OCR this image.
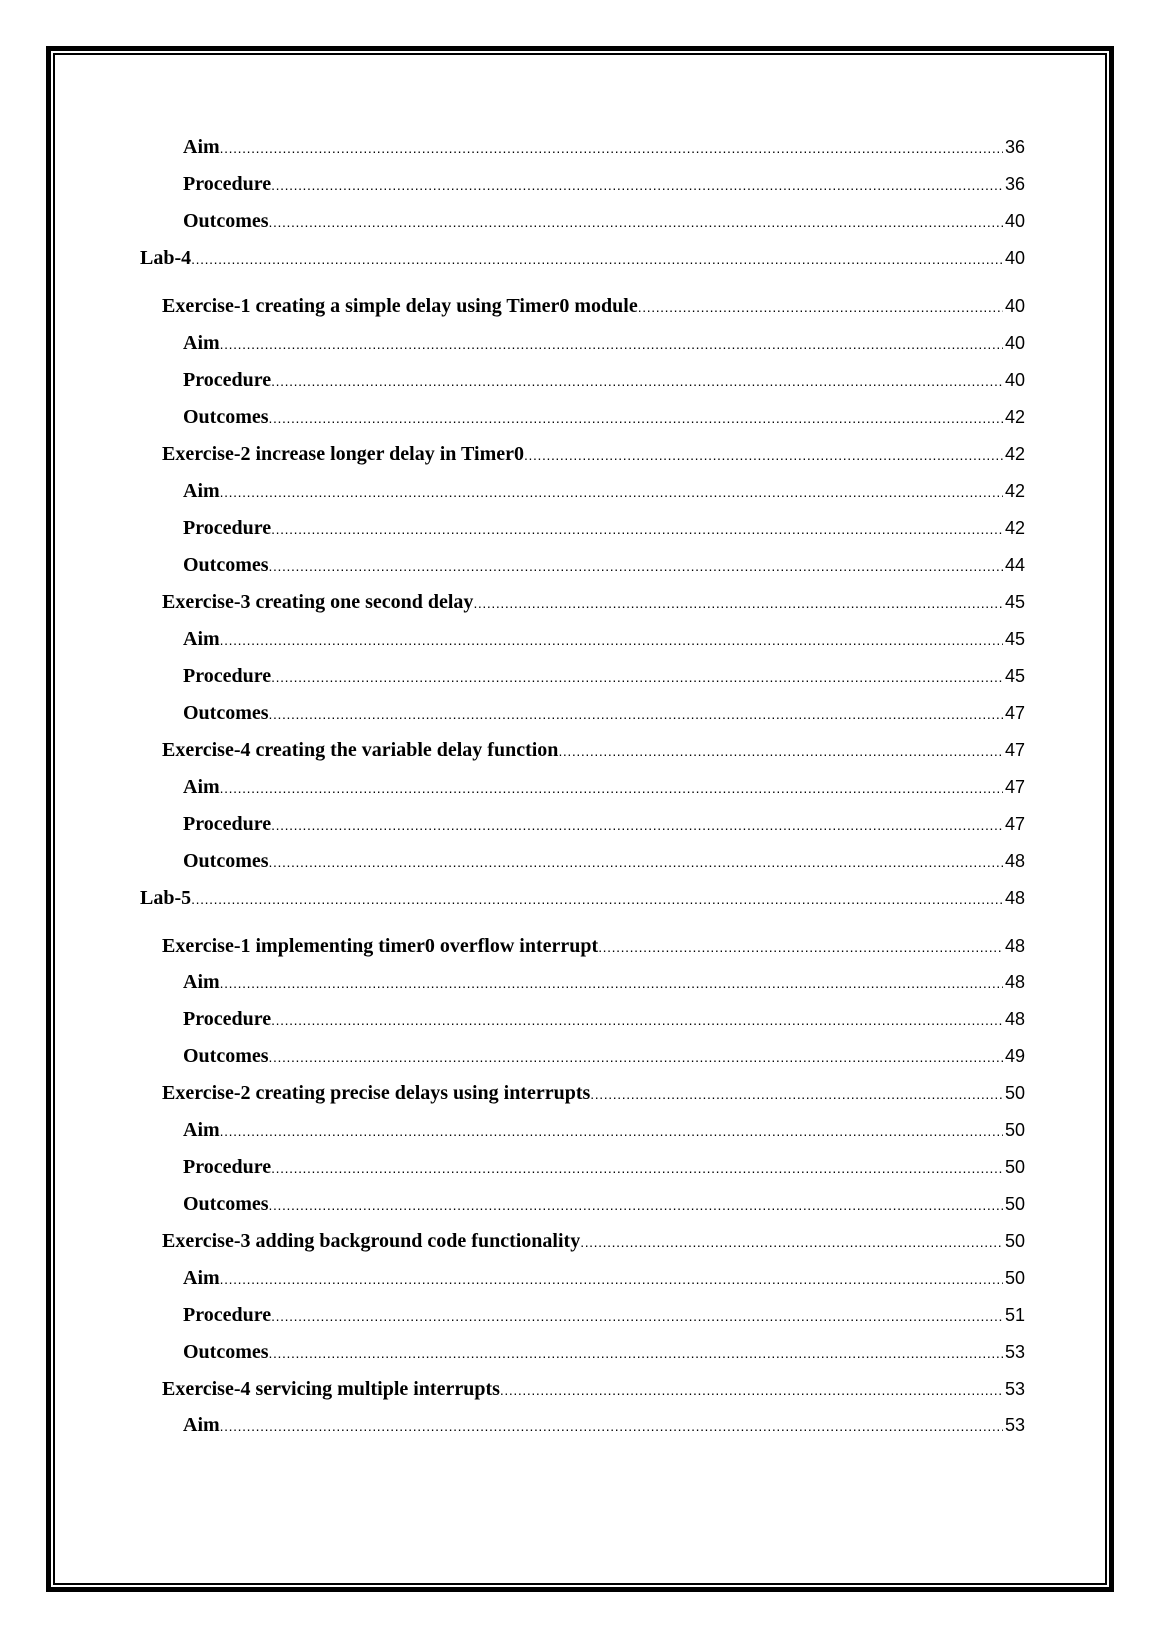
Aim .....	36
Procedure .....	36
Outcomes .....	40
Lab-4 .....	40
Exercise-1 creating a simple delay using Timer0 module .....	40
Aim .....	40
Procedure .....	40
Outcomes .....	42
Exercise-2 increase longer delay in Timer0 .....	42
Aim .....	42
Procedure .....	42
Outcomes .....	44
Exercise-3 creating one second delay .....	45
Aim .....	45
Procedure .....	45
Outcomes .....	47
Exercise-4 creating the variable delay function .....	47
Aim .....	47
Procedure .....	47
Outcomes .....	48
Lab-5 .....	48
Exercise-1 implementing timer0 overflow interrupt .....	48
Aim .....	48
Procedure .....	48
Outcomes .....	49
Exercise-2 creating precise delays using interrupts .....	50
Aim .....	50
Procedure .....	50
Outcomes .....	50
Exercise-3 adding background code functionality .....	50
Aim .....	50
Procedure .....	51
Outcomes .....	53
Exercise-4 servicing multiple interrupts .....	53
Aim .....	53
